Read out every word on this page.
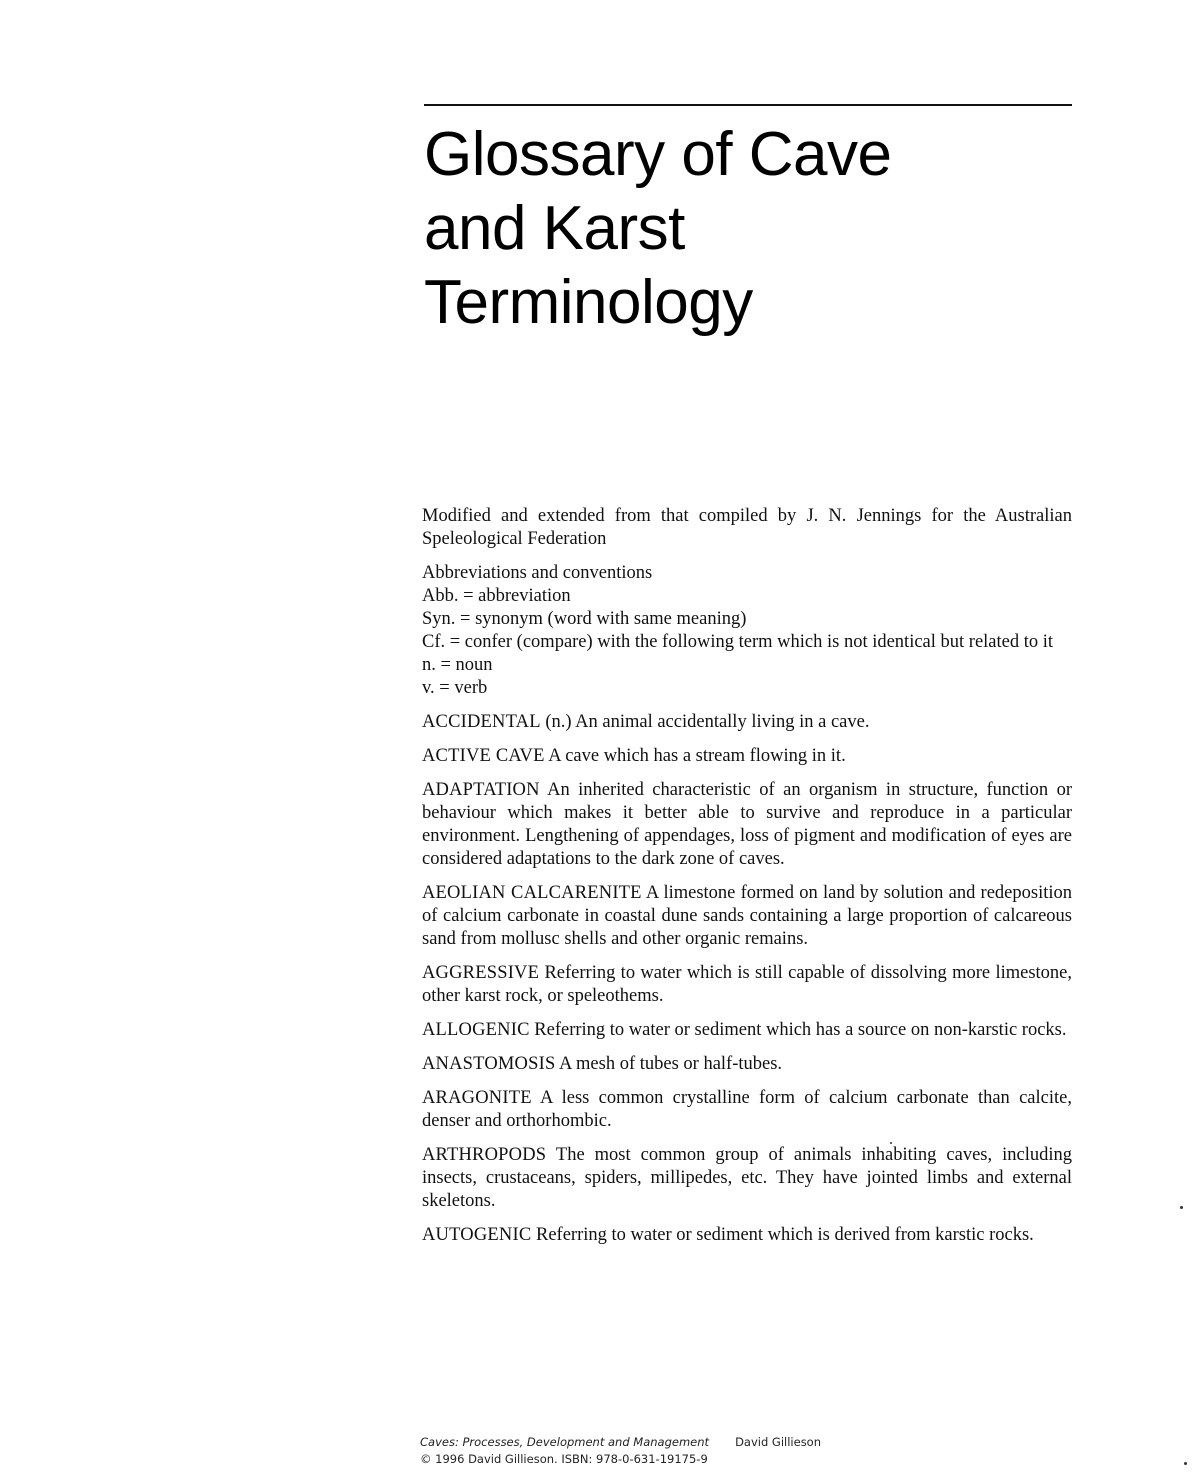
Glossary of Cave
and Karst
Terminology

Modified and extended from that compiled by J. N. Jennings for the Australian Speleological Federation

Abbreviations and conventions

Abb. = abbreviation

Syn. = synonym (word with same meaning)

Cf. = confer (compare) with the following term which is not identical but related to it

n. = noun

v. = verb

ACCIDENTAL (n.) An animal accidentally living in a cave.

ACTIVE CAVE A cave which has a stream flowing in it.

ADAPTATION An inherited characteristic of an organism in structure, function or behaviour which makes it better able to survive and reproduce in a particular environment. Lengthening of appendages, loss of pigment and modification of eyes are considered adaptations to the dark zone of caves.

AEOLIAN CALCARENITE A limestone formed on land by solution and redeposition of calcium carbonate in coastal dune sands containing a large proportion of calcareous sand from mollusc shells and other organic remains.

AGGRESSIVE Referring to water which is still capable of dissolving more limestone, other karst rock, or speleothems.

ALLOGENIC Referring to water or sediment which has a source on non-karstic rocks.

ANASTOMOSIS A mesh of tubes or half-tubes.

ARAGONITE A less common crystalline form of calcium carbonate than calcite, denser and orthorhombic.

ARTHROPODS The most common group of animals inhabiting caves, including insects, crustaceans, spiders, millipedes, etc. They have jointed limbs and external skeletons.

AUTOGENIC Referring to water or sediment which is derived from karstic rocks.

Caves: Processes, Development and Management David Gillieson
© 1996 David Gillieson. ISBN: 978-0-631-19175-9
